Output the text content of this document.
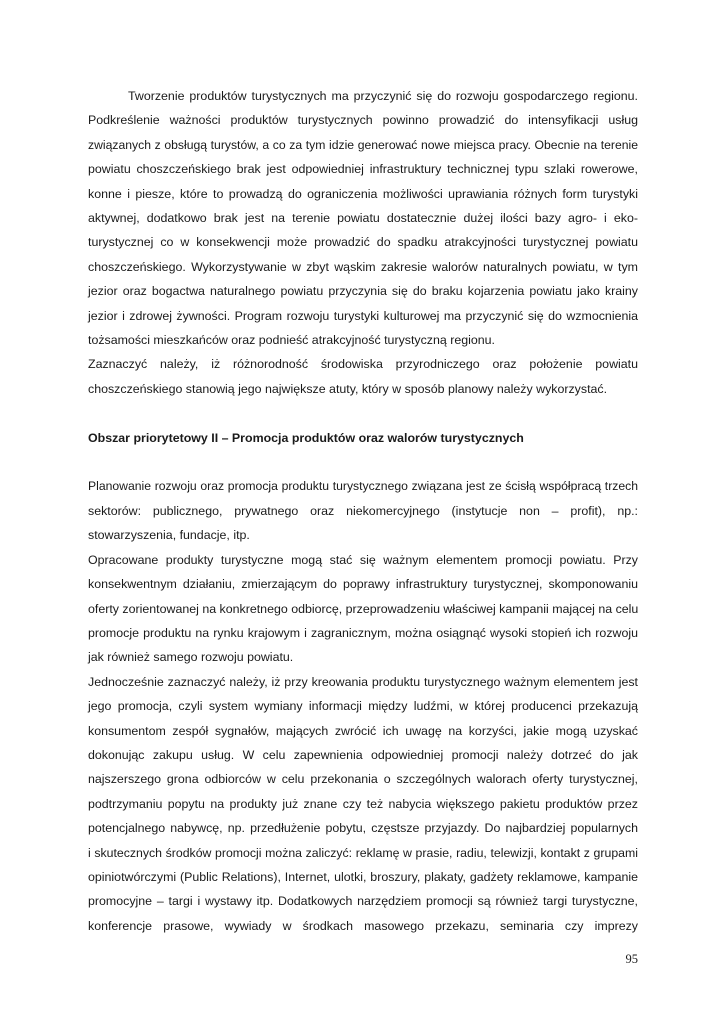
Tworzenie produktów turystycznych ma przyczynić się do rozwoju gospodarczego regionu.
Podkreślenie ważności produktów turystycznych powinno prowadzić do intensyfikacji usług
związanych z obsługą turystów, a co za tym idzie generować nowe miejsca pracy. Obecnie na terenie
powiatu choszczeńskiego brak jest odpowiedniej infrastruktury technicznej typu szlaki rowerowe,
konne i piesze, które to prowadzą do ograniczenia możliwości uprawiania różnych form turystyki
aktywnej, dodatkowo brak jest na terenie powiatu dostatecznie dużej ilości bazy agro- i eko-
turystycznej co w konsekwencji może prowadzić do spadku atrakcyjności turystycznej powiatu
choszczeńskiego. Wykorzystywanie w zbyt wąskim zakresie walorów naturalnych powiatu, w tym
jezior oraz bogactwa naturalnego powiatu przyczynia się do braku kojarzenia powiatu jako krainy
jezior i zdrowej żywności. Program rozwoju turystyki kulturowej ma przyczynić się do wzmocnienia
tożsamości mieszkańców oraz podnieść atrakcyjność turystyczną regionu.

Zaznaczyć należy, iż różnorodność środowiska przyrodniczego oraz położenie powiatu
choszczeńskiego stanowią jego największe atuty, który w sposób planowy należy wykorzystać.

Obszar priorytetowy II – Promocja produktów oraz walorów turystycznych

Planowanie rozwoju oraz promocja produktu turystycznego związana jest ze ścisłą współpracą trzech
sektorów: publicznego, prywatnego oraz niekomercyjnego (instytucje non – profit), np.:
stowarzyszenia, fundacje, itp.

Opracowane produkty turystyczne mogą stać się ważnym elementem promocji powiatu. Przy
konsekwentnym działaniu, zmierzającym do poprawy infrastruktury turystycznej, skomponowaniu
oferty zorientowanej na konkretnego odbiorcę, przeprowadzeniu właściwej kampanii mającej na celu
promocje produktu na rynku krajowym i zagranicznym, można osiągnąć wysoki stopień ich rozwoju
jak również samego rozwoju powiatu.

Jednocześnie zaznaczyć należy, iż przy kreowania produktu turystycznego ważnym elementem jest
jego promocja, czyli system wymiany informacji między ludźmi, w której producenci przekazują
konsumentom zespół sygnałów, mających zwrócić ich uwagę na korzyści, jakie mogą uzyskać
dokonując zakupu usług. W celu zapewnienia odpowiedniej promocji należy dotrzeć do jak
najszerszego grona odbiorców w celu przekonania o szczególnych walorach oferty turystycznej,
podtrzymaniu popytu na produkty już znane czy też nabycia większego pakietu produktów przez
potencjalnego nabywcę, np. przedłużenie pobytu, częstsze przyjazdy. Do najbardziej popularnych
i skutecznych środków promocji można zaliczyć: reklamę w prasie, radiu, telewizji, kontakt z grupami
opiniotwórczymi (Public Relations), Internet, ulotki, broszury, plakaty, gadżety reklamowe, kampanie
promocyjne – targi i wystawy itp. Dodatkowych narzędziem promocji są również targi turystyczne,
konferencje prasowe, wywiady w środkach masowego przekazu, seminaria czy imprezy

95
